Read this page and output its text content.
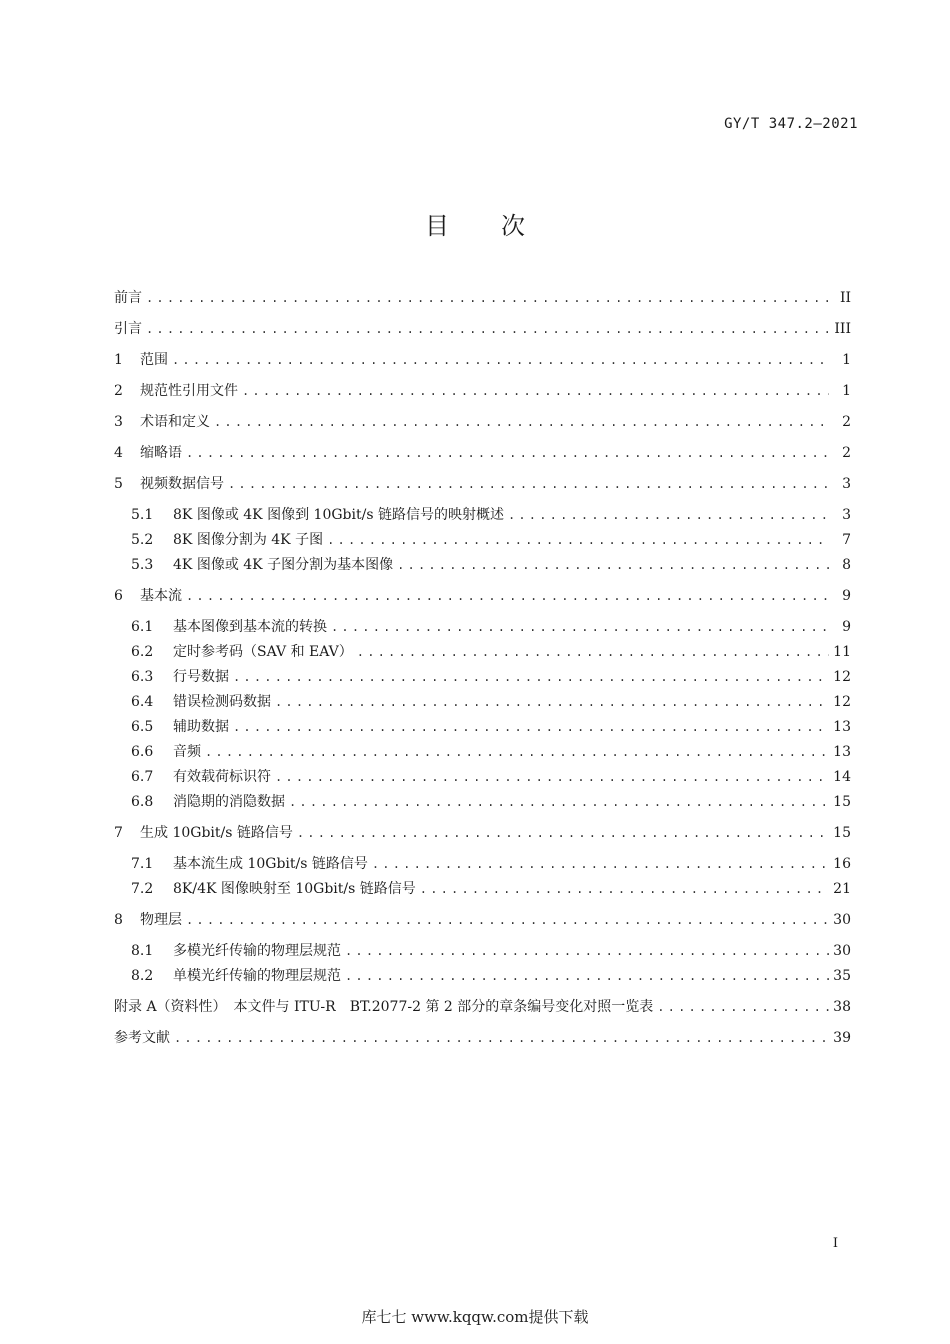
GY/T 347.2—2021
目 次
前言 .....	II
引言 .....	III
1	范围 .....	1
2	规范性引用文件 .....	1
3	术语和定义 .....	2
4	缩略语 .....	2
5	视频数据信号 .....	3
5.1	8K 图像或 4K 图像到 10Gbit/s 链路信号的映射概述 .....	3
5.2	8K 图像分割为 4K 子图 .....	7
5.3	4K 图像或 4K 子图分割为基本图像 .....	8
6	基本流 .....	9
6.1	基本图像到基本流的转换 .....	9
6.2	定时参考码（SAV 和 EAV） .....	11
6.3	行号数据 .....	12
6.4	错误检测码数据 .....	12
6.5	辅助数据 .....	13
6.6	音频 .....	13
6.7	有效载荷标识符 .....	14
6.8	消隐期的消隐数据 .....	15
7	生成 10Gbit/s 链路信号 .....	15
7.1	基本流生成 10Gbit/s 链路信号 .....	16
7.2	8K/4K 图像映射至 10Gbit/s 链路信号 .....	21
8	物理层 .....	30
8.1	多模光纤传输的物理层规范 .....	30
8.2	单模光纤传输的物理层规范 .....	35
附录 A（资料性）　本文件与 ITU-R　BT.2077-2 第 2 部分的章条编号变化对照一览表 .....	38
参考文献 .....	39
I
库七七 www.kqqw.com提供下载
